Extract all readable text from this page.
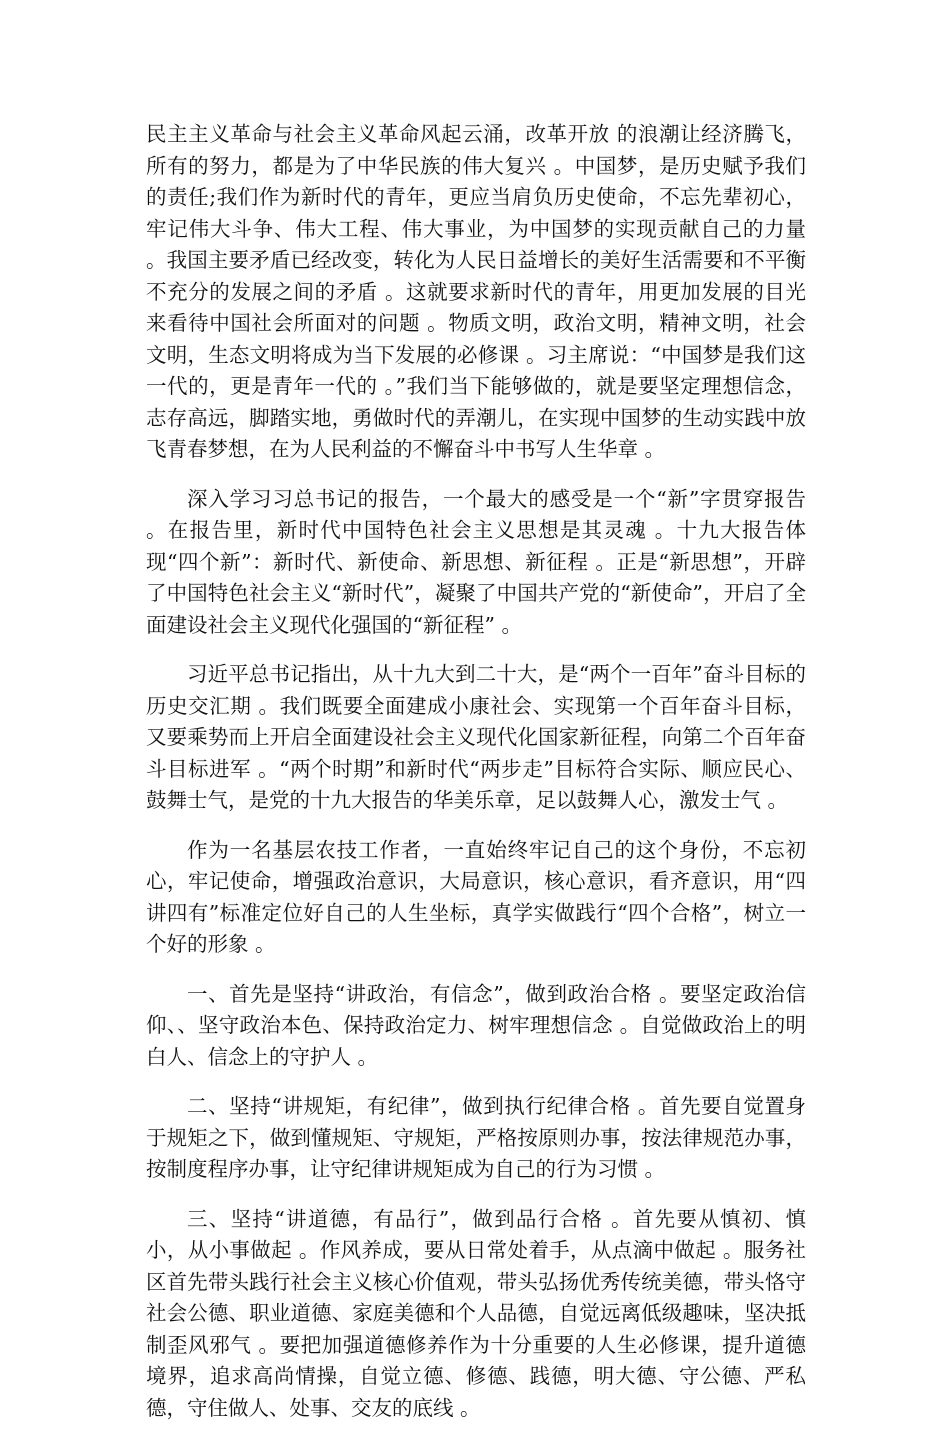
民主主义革命与社会主义革命风起云涌，改革开放 的浪潮让经济腾飞，所有的努力，都是为了中华民族的伟大复兴 。中国梦，是历史赋予我们的责任;我们作为新时代的青年，更应当肩负历史使命，不忘先辈初心，牢记伟大斗争、伟大工程、伟大事业，为中国梦的实现贡献自己的力量 。我国主要矛盾已经改变，转化为人民日益增长的美好生活需要和不平衡不充分的发展之间的矛盾 。这就要求新时代的青年，用更加发展的目光来看待中国社会所面对的问题 。物质文明，政治文明，精神文明，社会文明，生态文明将成为当下发展的必修课 。习主席说：“中国梦是我们这一代的，更是青年一代的 。”我们当下能够做的，就是要坚定理想信念，志存高远，脚踏实地，勇做时代的弄潮儿，在实现中国梦的生动实践中放飞青春梦想，在为人民利益的不懈奋斗中书写人生华章 。

深入学习习总书记的报告，一个最大的感受是一个“新”字贯穿报告 。在报告里，新时代中国特色社会主义思想是其灵魂 。十九大报告体现“四个新”：新时代、新使命、新思想、新征程 。正是“新思想”，开辟了中国特色社会主义“新时代”，凝聚了中国共产党的“新使命”，开启了全面建设社会主义现代化强国的“新征程” 。

习近平总书记指出，从十九大到二十大，是“两个一百年”奋斗目标的历史交汇期 。我们既要全面建成小康社会、实现第一个百年奋斗目标，又要乘势而上开启全面建设社会主义现代化国家新征程，向第二个百年奋斗目标进军 。“两个时期”和新时代“两步走”目标符合实际、顺应民心、鼓舞士气，是党的十九大报告的华美乐章，足以鼓舞人心，激发士气 。

作为一名基层农技工作者，一直始终牢记自己的这个身份，不忘初心，牢记使命，增强政治意识，大局意识，核心意识，看齐意识，用“四讲四有”标准定位好自己的人生坐标，真学实做践行“四个合格”，树立一个好的形象 。

一、首先是坚持“讲政治，有信念”，做到政治合格 。要坚定政治信仰、、坚守政治本色、保持政治定力、树牢理想信念 。自觉做政治上的明白人、信念上的守护人 。

二、坚持“讲规矩，有纪律”，做到执行纪律合格 。首先要自觉置身于规矩之下，做到懂规矩、守规矩，严格按原则办事，按法律规范办事，按制度程序办事，让守纪律讲规矩成为自己的行为习惯 。

三、坚持“讲道德，有品行”，做到品行合格 。首先要从慎初、慎小，从小事做起 。作风养成，要从日常处着手，从点滴中做起 。服务社区首先带头践行社会主义核心价值观，带头弘扬优秀传统美德，带头恪守社会公德、职业道德、家庭美德和个人品德，自觉远离低级趣味，坚决抵制歪风邪气 。要把加强道德修养作为十分重要的人生必修课，提升道德境界，追求高尚情操，自觉立德、修德、践德，明大德、守公德、严私德，守住做人、处事、交友的底线 。
